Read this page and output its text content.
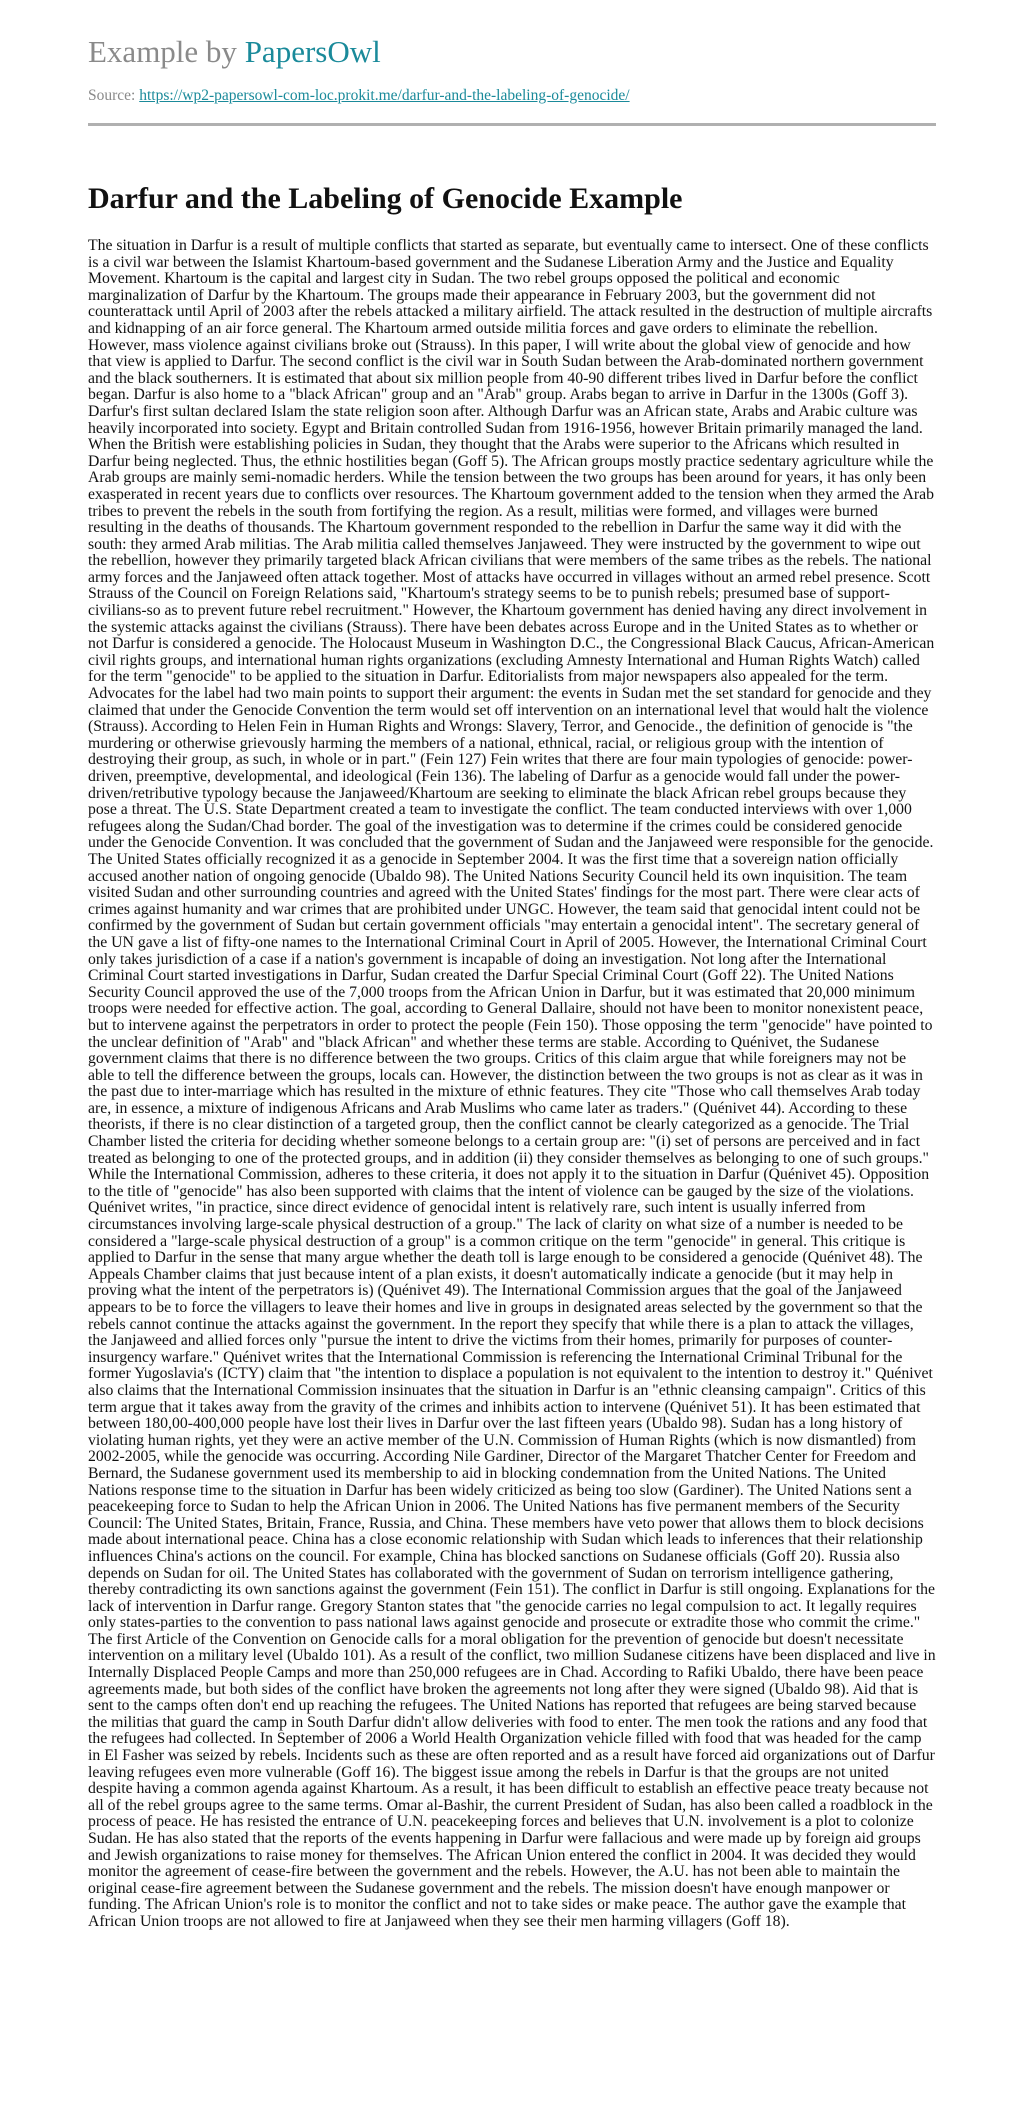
Example by PapersOwl
Source: https://wp2-papersowl-com-loc.prokit.me/darfur-and-the-labeling-of-genocide/
Darfur and the Labeling of Genocide Example

The situation in Darfur is a result of multiple conflicts that started as separate, but eventually came to intersect. One of these conflicts is a civil war between the Islamist Khartoum-based government and the Sudanese Liberation Army and the Justice and Equality Movement. Khartoum is the capital and largest city in Sudan. The two rebel groups opposed the political and economic marginalization of Darfur by the Khartoum. The groups made their appearance in February 2003, but the government did not counterattack until April of 2003 after the rebels attacked a military airfield. The attack resulted in the destruction of multiple aircrafts and kidnapping of an air force general. The Khartoum armed outside militia forces and gave orders to eliminate the rebellion. However, mass violence against civilians broke out (Strauss). In this paper, I will write about the global view of genocide and how that view is applied to Darfur. The second conflict is the civil war in South Sudan between the Arab-dominated northern government and the black southerners. It is estimated that about six million people from 40-90 different tribes lived in Darfur before the conflict began. Darfur is also home to a "black African" group and an "Arab" group. Arabs began to arrive in Darfur in the 1300s (Goff 3). Darfur's first sultan declared Islam the state religion soon after. Although Darfur was an African state, Arabs and Arabic culture was heavily incorporated into society. Egypt and Britain controlled Sudan from 1916-1956, however Britain primarily managed the land. When the British were establishing policies in Sudan, they thought that the Arabs were superior to the Africans which resulted in Darfur being neglected. Thus, the ethnic hostilities began (Goff 5). The African groups mostly practice sedentary agriculture while the Arab groups are mainly semi-nomadic herders. While the tension between the two groups has been around for years, it has only been exasperated in recent years due to conflicts over resources. The Khartoum government added to the tension when they armed the Arab tribes to prevent the rebels in the south from fortifying the region. As a result, militias were formed, and villages were burned resulting in the deaths of thousands. The Khartoum government responded to the rebellion in Darfur the same way it did with the south: they armed Arab militias. The Arab militia called themselves Janjaweed. They were instructed by the government to wipe out the rebellion, however they primarily targeted black African civilians that were members of the same tribes as the rebels. The national army forces and the Janjaweed often attack together. Most of attacks have occurred in villages without an armed rebel presence. Scott Strauss of the Council on Foreign Relations said, "Khartoum's strategy seems to be to punish rebels; presumed base of support-civilians-so as to prevent future rebel recruitment." However, the Khartoum government has denied having any direct involvement in the systemic attacks against the civilians (Strauss). There have been debates across Europe and in the United States as to whether or not Darfur is considered a genocide. The Holocaust Museum in Washington D.C., the Congressional Black Caucus, African-American civil rights groups, and international human rights organizations (excluding Amnesty International and Human Rights Watch) called for the term "genocide" to be applied to the situation in Darfur. Editorialists from major newspapers also appealed for the term. Advocates for the label had two main points to support their argument: the events in Sudan met the set standard for genocide and they claimed that under the Genocide Convention the term would set off intervention on an international level that would halt the violence (Strauss). According to Helen Fein in Human Rights and Wrongs: Slavery, Terror, and Genocide., the definition of genocide is "the murdering or otherwise grievously harming the members of a national, ethnical, racial, or religious group with the intention of destroying their group, as such, in whole or in part." (Fein 127) Fein writes that there are four main typologies of genocide: power-driven, preemptive, developmental, and ideological (Fein 136). The labeling of Darfur as a genocide would fall under the power-driven/retributive typology because the Janjaweed/Khartoum are seeking to eliminate the black African rebel groups because they pose a threat. The U.S. State Department created a team to investigate the conflict. The team conducted interviews with over 1,000 refugees along the Sudan/Chad border. The goal of the investigation was to determine if the crimes could be considered genocide under the Genocide Convention. It was concluded that the government of Sudan and the Janjaweed were responsible for the genocide. The United States officially recognized it as a genocide in September 2004. It was the first time that a sovereign nation officially accused another nation of ongoing genocide (Ubaldo 98). The United Nations Security Council held its own inquisition. The team visited Sudan and other surrounding countries and agreed with the United States' findings for the most part. There were clear acts of crimes against humanity and war crimes that are prohibited under UNGC. However, the team said that genocidal intent could not be confirmed by the government of Sudan but certain government officials "may entertain a genocidal intent". The secretary general of the UN gave a list of fifty-one names to the International Criminal Court in April of 2005. However, the International Criminal Court only takes jurisdiction of a case if a nation's government is incapable of doing an investigation. Not long after the International Criminal Court started investigations in Darfur, Sudan created the Darfur Special Criminal Court (Goff 22). The United Nations Security Council approved the use of the 7,000 troops from the African Union in Darfur, but it was estimated that 20,000 minimum troops were needed for effective action. The goal, according to General Dallaire, should not have been to monitor nonexistent peace, but to intervene against the perpetrators in order to protect the people (Fein 150). Those opposing the term "genocide" have pointed to the unclear definition of "Arab" and "black African" and whether these terms are stable. According to Quénivet, the Sudanese government claims that there is no difference between the two groups. Critics of this claim argue that while foreigners may not be able to tell the difference between the groups, locals can. However, the distinction between the two groups is not as clear as it was in the past due to inter-marriage which has resulted in the mixture of ethnic features. They cite "Those who call themselves Arab today are, in essence, a mixture of indigenous Africans and Arab Muslims who came later as traders." (Quénivet 44). According to these theorists, if there is no clear distinction of a targeted group, then the conflict cannot be clearly categorized as a genocide. The Trial Chamber listed the criteria for deciding whether someone belongs to a certain group are: "(i) set of persons are perceived and in fact treated as belonging to one of the protected groups, and in addition (ii) they consider themselves as belonging to one of such groups." While the International Commission, adheres to these criteria, it does not apply it to the situation in Darfur (Quénivet 45). Opposition to the title of "genocide" has also been supported with claims that the intent of violence can be gauged by the size of the violations. Quénivet writes, "in practice, since direct evidence of genocidal intent is relatively rare, such intent is usually inferred from circumstances involving large-scale physical destruction of a group." The lack of clarity on what size of a number is needed to be considered a "large-scale physical destruction of a group" is a common critique on the term "genocide" in general. This critique is applied to Darfur in the sense that many argue whether the death toll is large enough to be considered a genocide (Quénivet 48). The Appeals Chamber claims that just because intent of a plan exists, it doesn't automatically indicate a genocide (but it may help in proving what the intent of the perpetrators is) (Quénivet 49). The International Commission argues that the goal of the Janjaweed appears to be to force the villagers to leave their homes and live in groups in designated areas selected by the government so that the rebels cannot continue the attacks against the government. In the report they specify that while there is a plan to attack the villages, the Janjaweed and allied forces only "pursue the intent to drive the victims from their homes, primarily for purposes of counter-insurgency warfare." Quénivet writes that the International Commission is referencing the International Criminal Tribunal for the former Yugoslavia's (ICTY) claim that "the intention to displace a population is not equivalent to the intention to destroy it." Quénivet also claims that the International Commission insinuates that the situation in Darfur is an "ethnic cleansing campaign". Critics of this term argue that it takes away from the gravity of the crimes and inhibits action to intervene (Quénivet 51). It has been estimated that between 180,00-400,000 people have lost their lives in Darfur over the last fifteen years (Ubaldo 98). Sudan has a long history of violating human rights, yet they were an active member of the U.N. Commission of Human Rights (which is now dismantled) from 2002-2005, while the genocide was occurring. According Nile Gardiner, Director of the Margaret Thatcher Center for Freedom and Bernard, the Sudanese government used its membership to aid in blocking condemnation from the United Nations. The United Nations response time to the situation in Darfur has been widely criticized as being too slow (Gardiner). The United Nations sent a peacekeeping force to Sudan to help the African Union in 2006. The United Nations has five permanent members of the Security Council: The United States, Britain, France, Russia, and China. These members have veto power that allows them to block decisions made about international peace. China has a close economic relationship with Sudan which leads to inferences that their relationship influences China's actions on the council. For example, China has blocked sanctions on Sudanese officials (Goff 20). Russia also depends on Sudan for oil. The United States has collaborated with the government of Sudan on terrorism intelligence gathering, thereby contradicting its own sanctions against the government (Fein 151). The conflict in Darfur is still ongoing. Explanations for the lack of intervention in Darfur range. Gregory Stanton states that "the genocide carries no legal compulsion to act. It legally requires only states-parties to the convention to pass national laws against genocide and prosecute or extradite those who commit the crime." The first Article of the Convention on Genocide calls for a moral obligation for the prevention of genocide but doesn't necessitate intervention on a military level (Ubaldo 101). As a result of the conflict, two million Sudanese citizens have been displaced and live in Internally Displaced People Camps and more than 250,000 refugees are in Chad. According to Rafiki Ubaldo, there have been peace agreements made, but both sides of the conflict have broken the agreements not long after they were signed (Ubaldo 98). Aid that is sent to the camps often don't end up reaching the refugees. The United Nations has reported that refugees are being starved because the militias that guard the camp in South Darfur didn't allow deliveries with food to enter. The men took the rations and any food that the refugees had collected. In September of 2006 a World Health Organization vehicle filled with food that was headed for the camp in El Fasher was seized by rebels. Incidents such as these are often reported and as a result have forced aid organizations out of Darfur leaving refugees even more vulnerable (Goff 16). The biggest issue among the rebels in Darfur is that the groups are not united despite having a common agenda against Khartoum. As a result, it has been difficult to establish an effective peace treaty because not all of the rebel groups agree to the same terms. Omar al-Bashir, the current President of Sudan, has also been called a roadblock in the process of peace. He has resisted the entrance of U.N. peacekeeping forces and believes that U.N. involvement is a plot to colonize Sudan. He has also stated that the reports of the events happening in Darfur were fallacious and were made up by foreign aid groups and Jewish organizations to raise money for themselves. The African Union entered the conflict in 2004. It was decided they would monitor the agreement of cease-fire between the government and the rebels. However, the A.U. has not been able to maintain the original cease-fire agreement between the Sudanese government and the rebels. The mission doesn't have enough manpower or funding. The African Union's role is to monitor the conflict and not to take sides or make peace. The author gave the example that African Union troops are not allowed to fire at Janjaweed when they see their men harming villagers (Goff 18).
